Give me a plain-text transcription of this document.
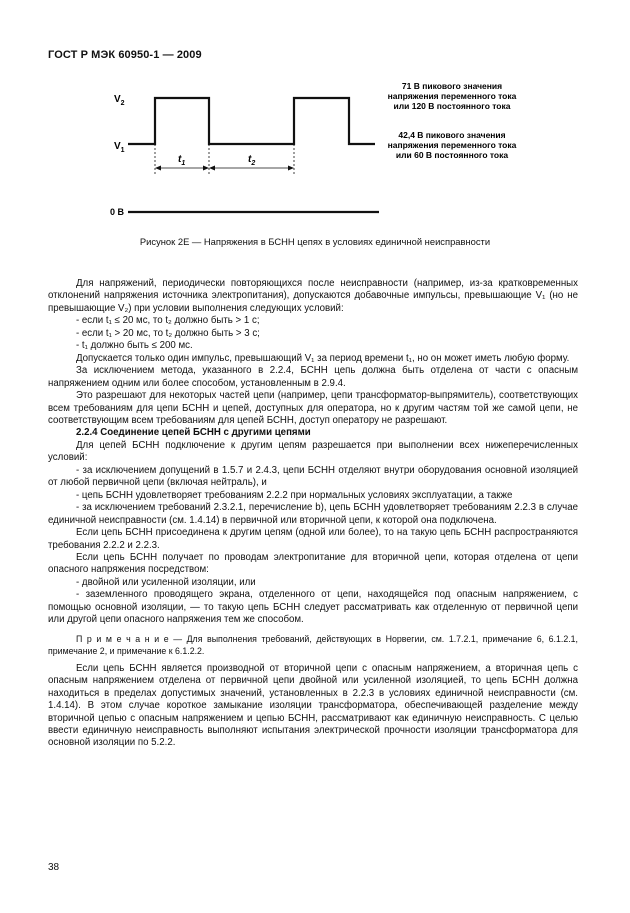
ГОСТ Р МЭК 60950-1 — 2009
$V_2$
$V_1$
0 В
$t_1$	$t_2$
71 В пикового значения
напряжения переменного тока
или 120 В постоянного тока
42,4 В пикового значения
напряжения переменного тока
или 60 В постоянного тока
Рисунок 2Е — Напряжения в БСНН цепях в условиях единичной неисправности

Для напряжений, периодически повторяющихся после неисправности (например, из-за кратковременных отклонений напряжения источника электропитания), допускаются добавочные импульсы, превышающие V₁ (но не превышающие V₂) при условии выполнения следующих условий:

- если t₁ ≤ 20 мс, то t₂ должно быть > 1 с;

- если t₁ > 20 мс, то t₂ должно быть > 3 с;

- t₁ должно быть ≤ 200 мс.

Допускается только один импульс, превышающий V₁ за период времени t₁, но он может иметь любую форму.

За исключением метода, указанного в 2.2.4, БСНН цепь должна быть отделена от части с опасным напряжением одним или более способом, установленным в 2.9.4.

Это разрешают для некоторых частей цепи (например, цепи трансформатор-выпрямитель), соответствующих всем требованиям для цепи БСНН и цепей, доступных для оператора, но к другим частям той же самой цепи, не соответствующим всем требованиям для цепей БСНН, доступ оператору не разрешают.

2.2.4 Соединение цепей БСНН с другими цепями

Для цепей БСНН подключение к другим цепям разрешается при выполнении всех нижеперечисленных условий:

- за исключением допущений в 1.5.7 и 2.4.3, цепи БСНН отделяют внутри оборудования основной изоляцией от любой первичной цепи (включая нейтраль), и

- цепь БСНН удовлетворяет требованиям 2.2.2 при нормальных условиях эксплуатации, а также

- за исключением требований 2.3.2.1, перечисление b), цепь БСНН удовлетворяет требованиям 2.2.3 в случае единичной неисправности (см. 1.4.14) в первичной или вторичной цепи, к которой она подключена.

Если цепь БСНН присоединена к другим цепям (одной или более), то на такую цепь БСНН распространяются требования 2.2.2 и 2.2.3.

Если цепь БСНН получает по проводам электропитание для вторичной цепи, которая отделена от цепи опасного напряжения посредством:

- двойной или усиленной изоляции, или

- заземленного проводящего экрана, отделенного от цепи, находящейся под опасным напряжением, с помощью основной изоляции, — то такую цепь БСНН следует рассматривать как отделенную от первичной цепи или другой цепи опасного напряжения тем же способом.

П р и м е ч а н и е — Для выполнения требований, действующих в Норвегии, см. 1.7.2.1, примечание 6, 6.1.2.1, примечание 2, и примечание к 6.1.2.2.

Если цепь БСНН является производной от вторичной цепи с опасным напряжением, а вторичная цепь с опасным напряжением отделена от первичной цепи двойной или усиленной изоляцией, то цепь БСНН должна находиться в пределах допустимых значений, установленных в 2.2.3 в условиях единичной неисправности (см. 1.4.14). В этом случае короткое замыкание изоляции трансформатора, обеспечивающей разделение между вторичной цепью с опасным напряжением и цепью БСНН, рассматривают как единичную неисправность. С целью ввести единичную неисправность выполняют испытания электрической прочности изоляции трансформатора для основной изоляции по 5.2.2.

38
